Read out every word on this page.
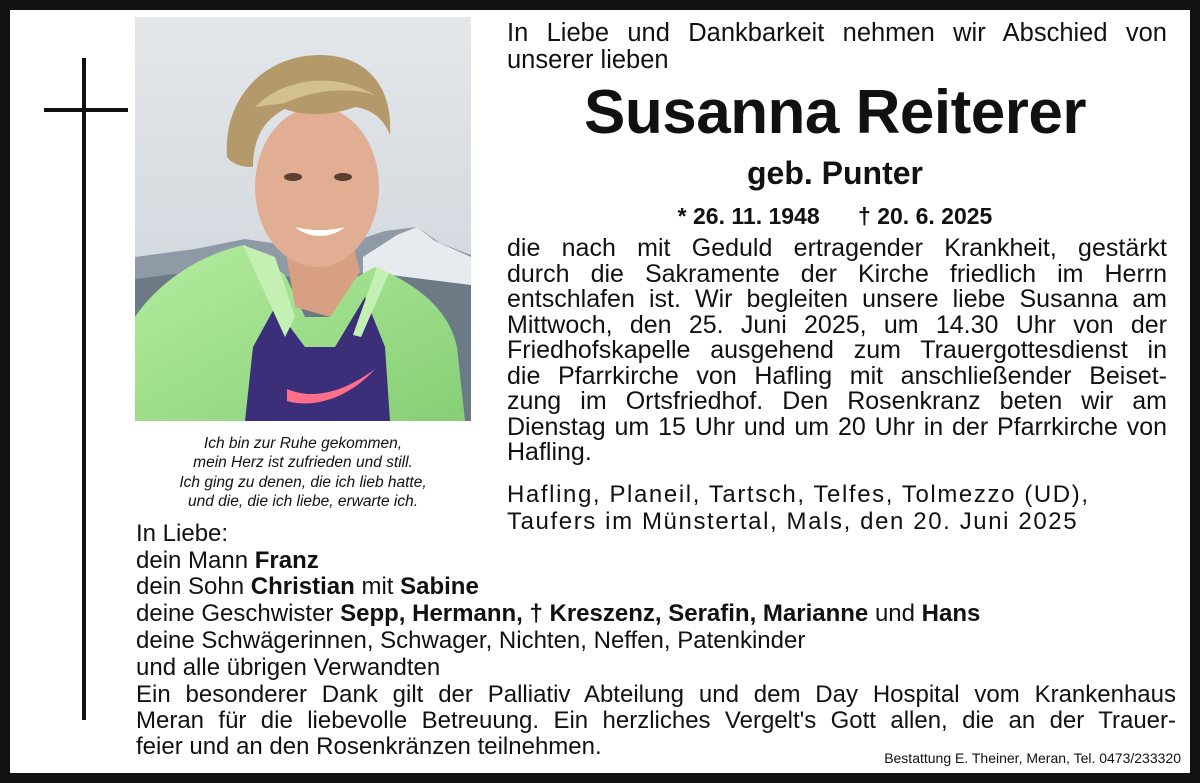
Ich bin zur Ruhe gekommen,
mein Herz ist zufrieden und still.
Ich ging zu denen, die ich lieb hatte,
und die, die ich liebe, erwarte ich.
In Liebe und Dankbarkeit nehmen wir Abschied von unserer lieben
Susanna Reiterer
geb. Punter
* 26. 11. 1948 † 20. 6. 2025
die nach mit Geduld ertragender Krankheit, gestärkt
durch die Sakramente der Kirche friedlich im Herrn
entschlafen ist. Wir begleiten unsere liebe Susanna am
Mittwoch, den 25. Juni 2025, um 14.30 Uhr von der
Friedhofskapelle ausgehend zum Trauergottesdienst in
die Pfarrkirche von Hafling mit anschließender Beiset-
zung im Ortsfriedhof. Den Rosenkranz beten wir am
Dienstag um 15 Uhr und um 20 Uhr in der Pfarrkirche von
Hafling.
Hafling, Planeil, Tartsch, Telfes, Tolmezzo (UD),
Taufers im Münstertal, Mals, den 20. Juni 2025
In Liebe:
dein Mann Franz
dein Sohn Christian mit Sabine
deine Geschwister Sepp, Hermann, † Kreszenz, Serafin, Marianne und Hans
deine Schwägerinnen, Schwager, Nichten, Neffen, Patenkinder
und alle übrigen Verwandten
Ein besonderer Dank gilt der Palliativ Abteilung und dem Day Hospital vom Krankenhaus
Meran für die liebevolle Betreuung. Ein herzliches Vergelt's Gott allen, die an der Trauer-
feier und an den Rosenkränzen teilnehmen.	Bestattung E. Theiner, Meran, Tel. 0473/233320
